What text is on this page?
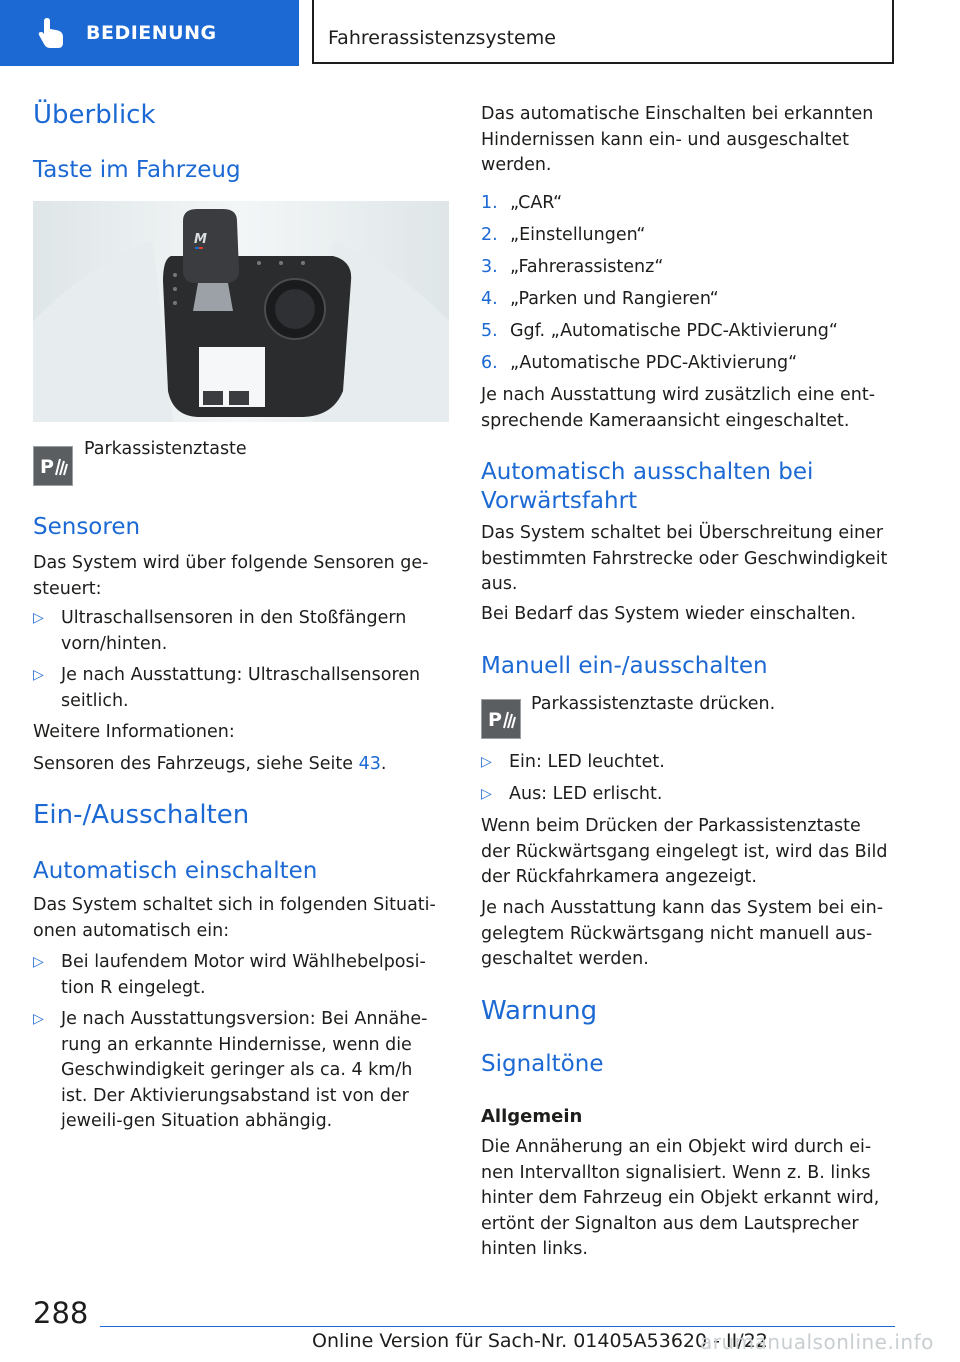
BEDIENUNG	Fahrerassistenzsysteme
Überblick
Taste im Fahrzeug
Parkassistenztaste
Sensoren
Das System wird über folgende Sensoren ge-steuert:
▷ Ultraschallsensoren in den Stoßfängern vorn/hinten.
▷ Je nach Ausstattung: Ultraschallsensoren seitlich.
Weitere Informationen:
Sensoren des Fahrzeugs, siehe Seite 43.
Ein-/Ausschalten
Automatisch einschalten
Das System schaltet sich in folgenden Situati-onen automatisch ein:
▷ Bei laufendem Motor wird Wählhebelposi-tion R eingelegt.
▷ Je nach Ausstattungsversion: Bei Annähe-rung an erkannte Hindernisse, wenn die Geschwindigkeit geringer als ca. 4 km/h ist. Der Aktivierungsabstand ist von der jeweili-gen Situation abhängig.
M
P
P
Das automatische Einschalten bei erkannten Hindernissen kann ein- und ausgeschaltet werden.
1. „CAR“
2. „Einstellungen“
3. „Fahrerassistenz“
4. „Parken und Rangieren“
5. Ggf. „Automatische PDC-Aktivierung“
6. „Automatische PDC-Aktivierung“
Je nach Ausstattung wird zusätzlich eine ent-sprechende Kameraansicht eingeschaltet.
Automatisch ausschalten bei Vorwärtsfahrt
Das System schaltet bei Überschreitung einer bestimmten Fahrstrecke oder Geschwindigkeit aus.
Bei Bedarf das System wieder einschalten.
Manuell ein-/ausschalten
Parkassistenztaste drücken.
▷ Ein: LED leuchtet.
▷ Aus: LED erlischt.
Wenn beim Drücken der Parkassistenztaste der Rückwärtsgang eingelegt ist, wird das Bild der Rückfahrkamera angezeigt.
Je nach Ausstattung kann das System bei ein-gelegtem Rückwärtsgang nicht manuell aus-geschaltet werden.
Warnung
Signaltöne
Allgemein
Die Annäherung an ein Objekt wird durch ei-nen Intervallton signalisiert. Wenn z. B. links hinter dem Fahrzeug ein Objekt erkannt wird, ertönt der Signalton aus dem Lautsprecher hinten links.
288
Online Version für Sach-Nr. 01405A53620 - II/22
arumanualsonline.info
